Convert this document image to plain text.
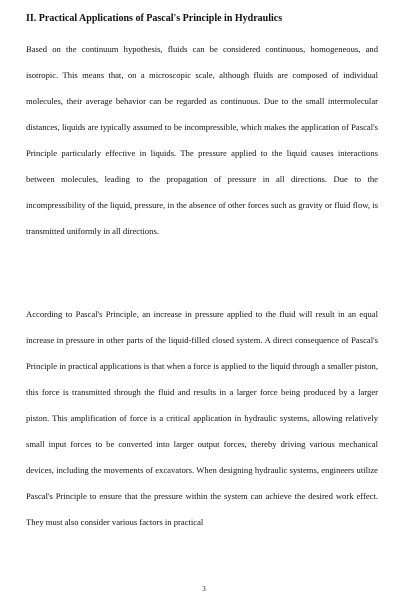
II. Practical Applications of Pascal's Principle in Hydraulics

Based on the continuum hypothesis, fluids can be considered continuous, homogeneous, and isotropic. This means that, on a microscopic scale, although fluids are composed of individual molecules, their average behavior can be regarded as continuous. Due to the small intermolecular distances, liquids are typically assumed to be incompressible, which makes the application of Pascal's Principle particularly effective in liquids. The pressure applied to the liquid causes interactions between molecules, leading to the propagation of pressure in all directions. Due to the incompressibility of the liquid, pressure, in the absence of other forces such as gravity or fluid flow, is transmitted uniformly in all directions.

According to Pascal's Principle, an increase in pressure applied to the fluid will result in an equal increase in pressure in other parts of the liquid-filled closed system. A direct consequence of Pascal's Principle in practical applications is that when a force is applied to the liquid through a smaller piston, this force is transmitted through the fluid and results in a larger force being produced by a larger piston. This amplification of force is a critical application in hydraulic systems, allowing relatively small input forces to be converted into larger output forces, thereby driving various mechanical devices, including the movements of excavators. When designing hydraulic systems, engineers utilize Pascal's Principle to ensure that the pressure within the system can achieve the desired work effect. They must also consider various factors in practical

3
